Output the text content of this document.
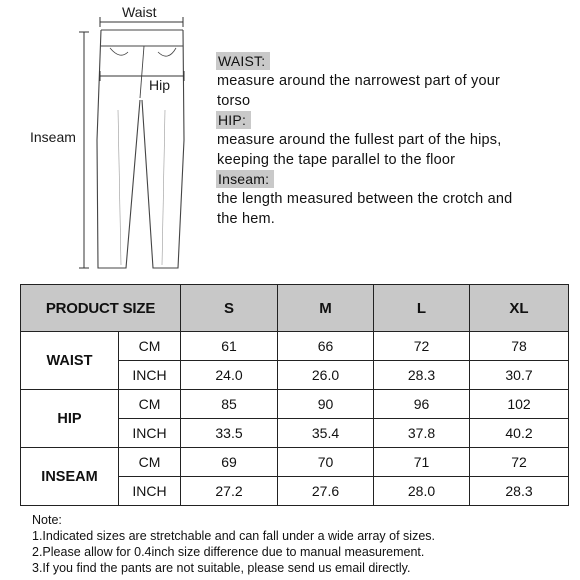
Waist
Inseam
Hip
WAIST:
measure around the narrowest part of your
torso
HIP:
measure around the fullest part of the hips,
keeping the tape parallel to the floor
Inseam:
the length measured between the crotch and
the hem.
PRODUCT SIZE		S	M	L	XL
WAIST	CM	61	66	72	78
	INCH	24.0	26.0	28.3	30.7
HIP	CM	85	90	96	102
	INCH	33.5	35.4	37.8	40.2
INSEAM	CM	69	70	71	72
	INCH	27.2	27.6	28.0	28.3
Note:
1.Indicated sizes are stretchable and can fall under a wide array of sizes.
2.Please allow for 0.4inch size difference due to manual measurement.
3.If you find the pants are not suitable, please send us email directly.
